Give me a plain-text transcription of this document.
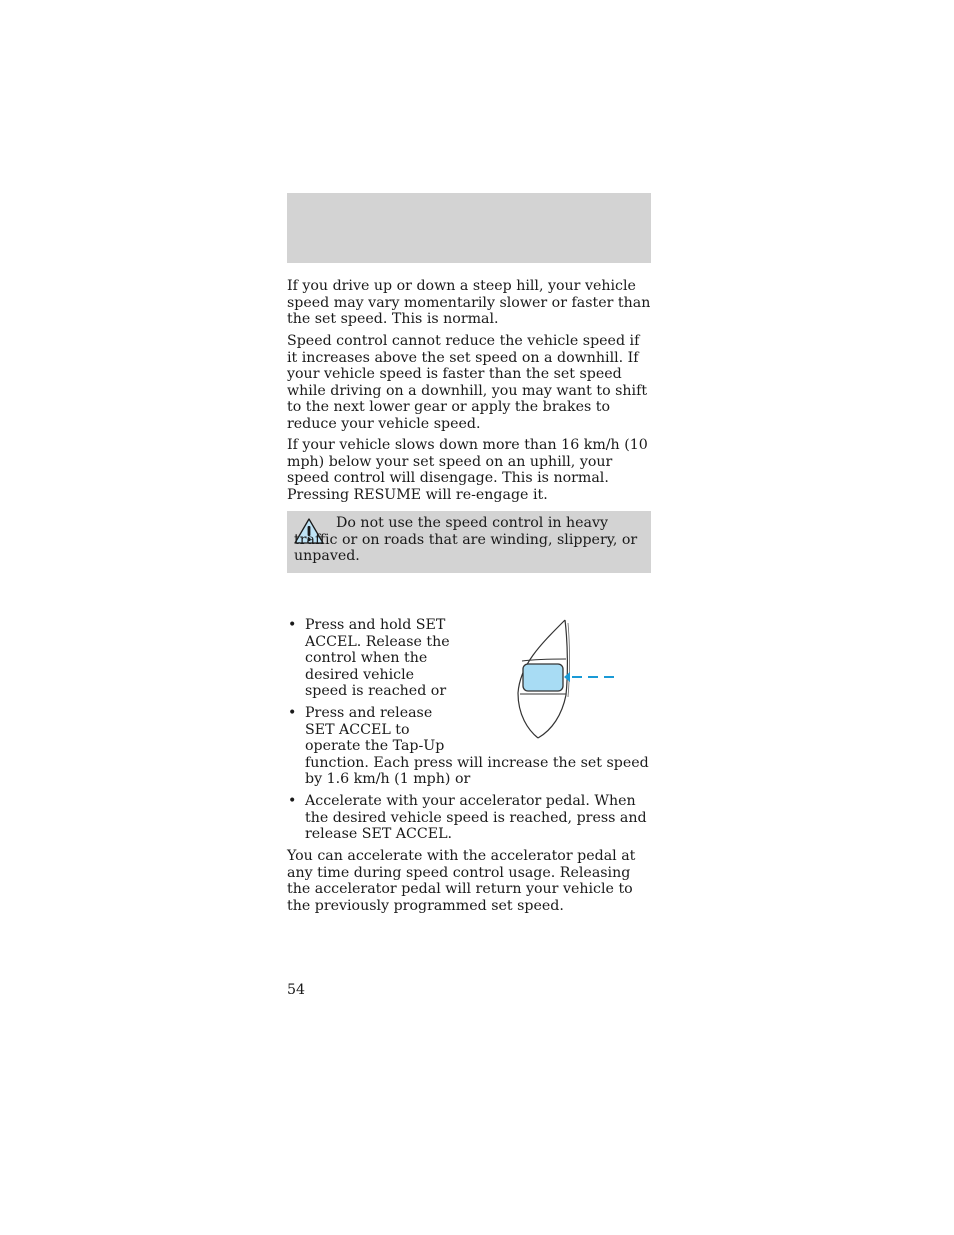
If you drive up or down a steep hill, your vehicle speed may vary momentarily slower or faster than the set speed. This is normal.

Speed control cannot reduce the vehicle speed if it increases above the set speed on a downhill. If your vehicle speed is faster than the set speed while driving on a downhill, you may want to shift to the next lower gear or apply the brakes to reduce your vehicle speed.

If your vehicle slows down more than 16 km/h (10 mph) below your set speed on an uphill, your speed control will disengage. This is normal. Pressing RESUME will re-engage it.

Do not use the speed control in heavy traffic or on roads that are winding, slippery, or unpaved.
• Press and hold SET ACCEL. Release the control when the desired vehicle speed is reached or
• Press and release SET ACCEL to operate the Tap-Up
function. Each press will increase the set speed by 1.6 km/h (1 mph) or
• Accelerate with your accelerator pedal. When the desired vehicle speed is reached, press and release SET ACCEL.

You can accelerate with the accelerator pedal at any time during speed control usage. Releasing the accelerator pedal will return your vehicle to the previously programmed set speed.

54
